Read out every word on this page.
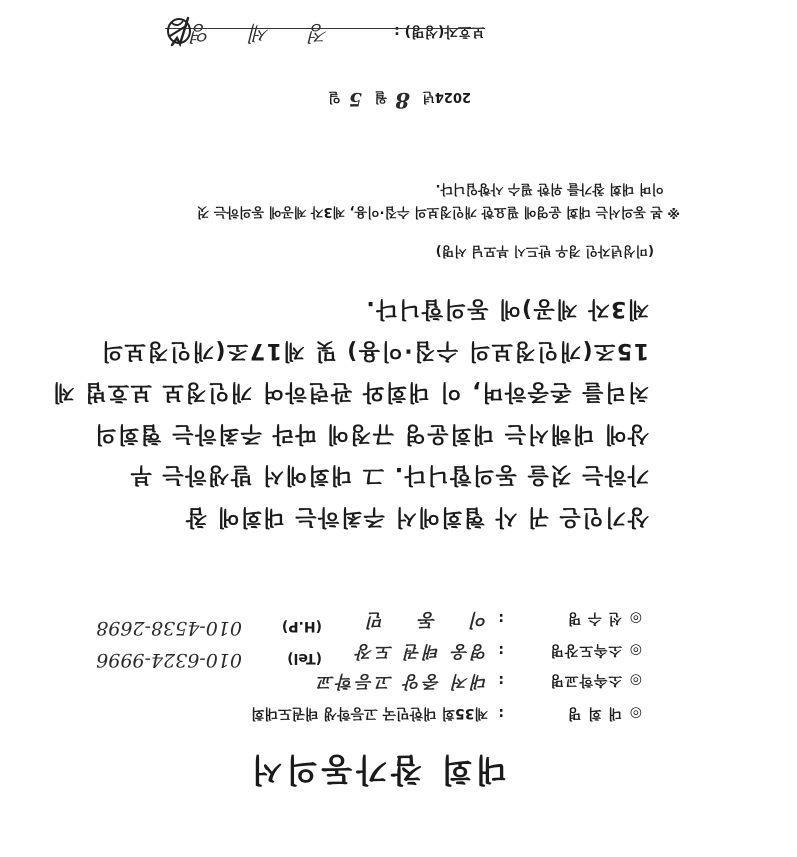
대회 참가동의서
◎대 회 명:제35회 대한민국 고등학생 태권도대회
◎소속학교명:대저 중앙 고등학교
◎소속도장명:영웅 태권 도장
(Tel)
010-6324-9996
◎선 수 명:이 동 민
(H.P)
010-4538-2698
상기인은 귀 사 협회에서 주최하는 대회에 참
가하는 것을 동의합니다. 그 대회에서 발생하는 부
상에 대해서는 대회운영 규정에 따라 주최하는 협회의
처리를 존중하며, 이 대회와 관련하여 개인정보 보호법 제
15조(개인정보의 수집·이용) 및 제17조(개인정보의
제3자 제공)에 동의합니다.
(미성년자인 경우 반드시 부모님 서명)
※ 본 동의서는 대회 운영에 필요한 개인정보의 수집·이용, 제3자 제공에 동의하는 것
이며 대회 참가를 위한 필수 사항입니다.
2024년 8월 5일
보호자(성명) :
정 세 영
